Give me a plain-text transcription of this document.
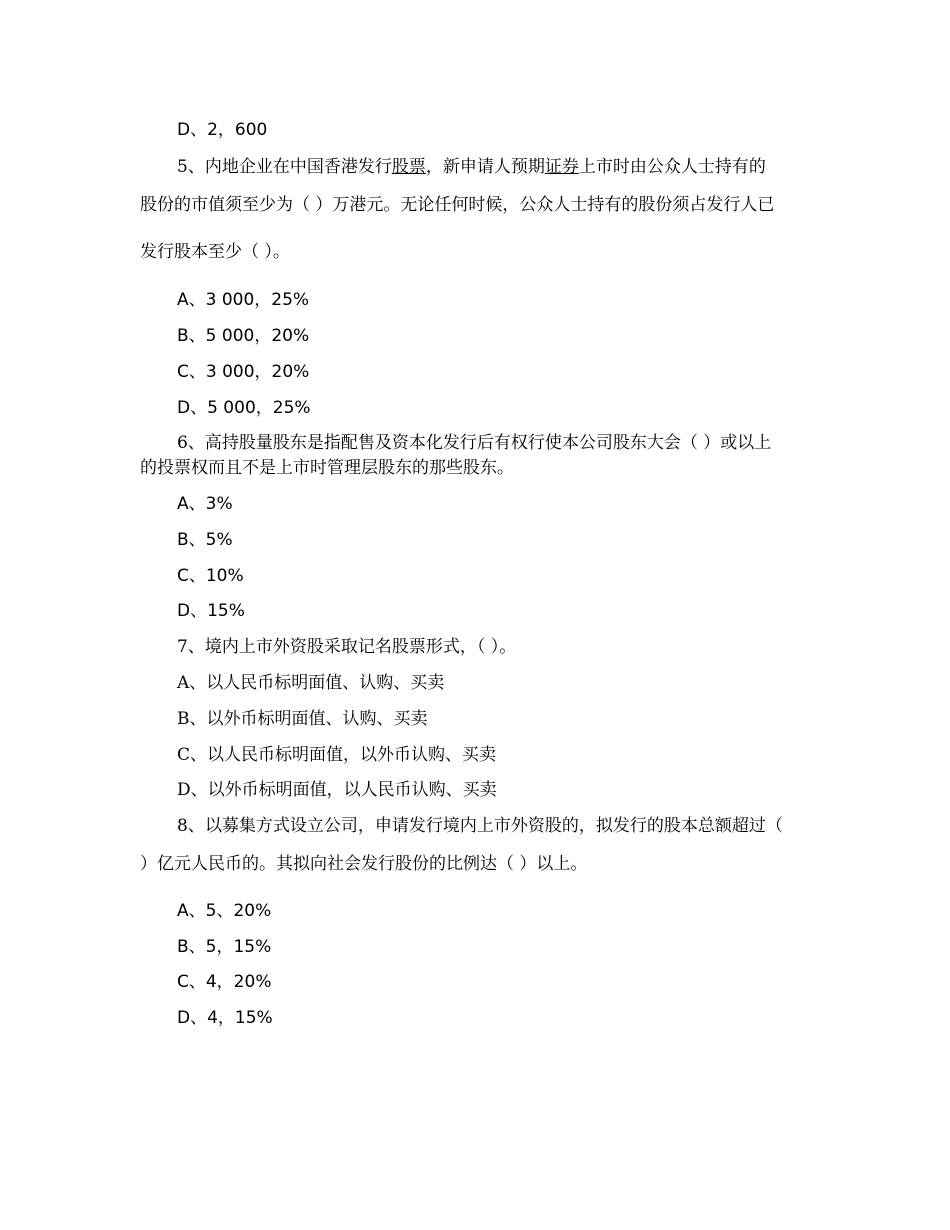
D、2，600
5、内地企业在中国香港发行股票，新申请人预期证券上市时由公众人士持有的
股份的市值须至少为（ ）万港元。无论任何时候，公众人士持有的股份须占发行人已
发行股本至少（ ）。
A、3 000，25%
B、5 000，20%
C、3 000，20%
D、5 000，25%
6、高持股量股东是指配售及资本化发行后有权行使本公司股东大会（ ）或以上
的投票权而且不是上市时管理层股东的那些股东。
A、3%
B、5%
C、10%
D、15%
7、境内上市外资股采取记名股票形式，（ ）。
A、以人民币标明面值、认购、买卖
B、以外币标明面值、认购、买卖
C、以人民币标明面值，以外币认购、买卖
D、以外币标明面值，以人民币认购、买卖
8、以募集方式设立公司，申请发行境内上市外资股的，拟发行的股本总额超过（
）亿元人民币的。其拟向社会发行股份的比例达（ ）以上。
A、5、20%
B、5，15%
C、4，20%
D、4，15%
